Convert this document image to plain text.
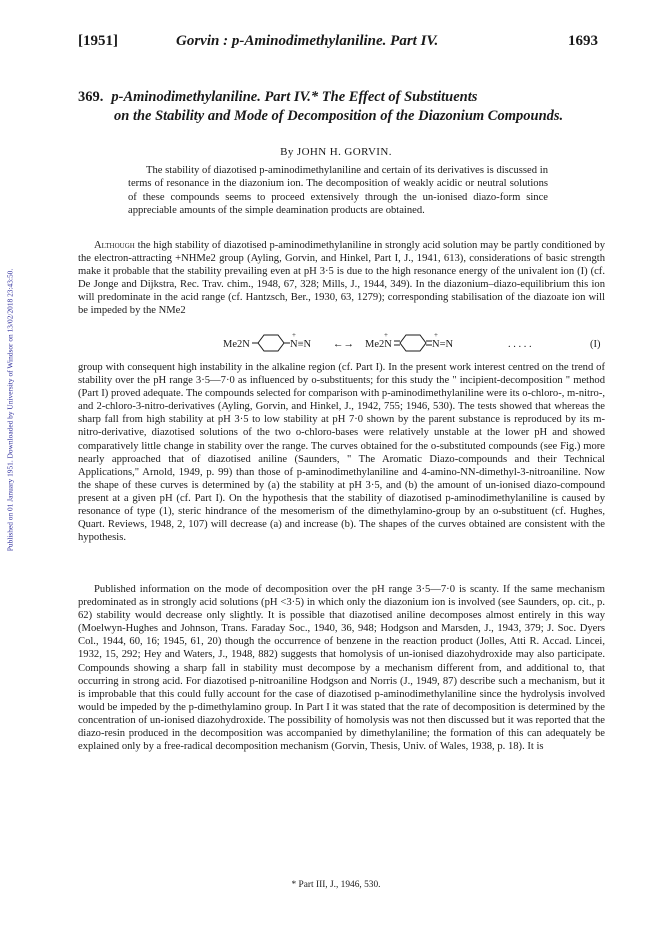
Published on 01 January 1951. Downloaded by University of Windsor on 13/02/2018 23:43:50.
[1951]	Gorvin : p-Aminodimethylaniline. Part IV.	1693
369. p-Aminodimethylaniline. Part IV.* The Effect of Substituents
on the Stability and Mode of Decomposition of the Diazonium Compounds.
By JOHN H. GORVIN.
The stability of diazotised p-aminodimethylaniline and certain of its derivatives is discussed in terms of resonance in the diazonium ion. The decomposition of weakly acidic or neutral solutions of these compounds seems to proceed extensively through the un-ionised diazo-form since appreciable amounts of the simple deamination products are obtained.
Although the high stability of diazotised p-aminodimethylaniline in strongly acid solution may be partly conditioned by the electron-attracting +NHMe2 group (Ayling, Gorvin, and Hinkel, Part I, J., 1941, 613), considerations of basic strength make it probable that the stability prevailing even at pH 3·5 is due to the high resonance energy of the univalent ion (I) (cf. De Jonge and Dijkstra, Rec. Trav. chim., 1948, 67, 328; Mills, J., 1944, 349). In the diazonium–diazo-equilibrium this ion will predominate in the acid range (cf. Hantzsch, Ber., 1930, 63, 1279); corresponding stabilisation of the diazoate ion will be impeded by the NMe2
Me2N
+
N≡N ←→ Me2N
+	+
N=N	. . . . .	(I)
group with consequent high instability in the alkaline region (cf. Part I). In the present work interest centred on the trend of stability over the pH range 3·5—7·0 as influenced by o-substituents; for this study the " incipient-decomposition " method (Part I) proved adequate. The compounds selected for comparison with p-aminodimethylaniline were its o-chloro-, m-nitro-, and 2-chloro-3-nitro-derivatives (Ayling, Gorvin, and Hinkel, J., 1942, 755; 1946, 530). The tests showed that whereas the sharp fall from high stability at pH 3·5 to low stability at pH 7·0 shown by the parent substance is reproduced by its m-nitro-derivative, diazotised solutions of the two o-chloro-bases were relatively unstable at the lower pH and showed comparatively little change in stability over the range. The curves obtained for the o-substituted compounds (see Fig.) more nearly approached that of diazotised aniline (Saunders, " The Aromatic Diazo-compounds and their Technical Applications," Arnold, 1949, p. 99) than those of p-aminodimethylaniline and 4-amino-NN-dimethyl-3-nitroaniline. Now the shape of these curves is determined by (a) the stability at pH 3·5, and (b) the amount of un-ionised diazo-compound present at a given pH (cf. Part I). On the hypothesis that the stability of diazotised p-aminodimethylaniline is caused by resonance of type (1), steric hindrance of the mesomerism of the dimethylamino-group by an o-substituent (cf. Hughes, Quart. Reviews, 1948, 2, 107) will decrease (a) and increase (b). The shapes of the curves obtained are consistent with the hypothesis.
Published information on the mode of decomposition over the pH range 3·5—7·0 is scanty. If the same mechanism predominated as in strongly acid solutions (pH <3·5) in which only the diazonium ion is involved (see Saunders, op. cit., p. 62) stability would decrease only slightly. It is possible that diazotised aniline decomposes almost entirely in this way (Moelwyn-Hughes and Johnson, Trans. Faraday Soc., 1940, 36, 948; Hodgson and Marsden, J., 1943, 379; J. Soc. Dyers Col., 1944, 60, 16; 1945, 61, 20) though the occurrence of benzene in the reaction product (Jolles, Atti R. Accad. Lincei, 1932, 15, 292; Hey and Waters, J., 1948, 882) suggests that homolysis of un-ionised diazohydroxide may also participate. Compounds showing a sharp fall in stability must decompose by a mechanism different from, and additional to, that occurring in strong acid. For diazotised p-nitroaniline Hodgson and Norris (J., 1949, 87) describe such a mechanism, but it is improbable that this could fully account for the case of diazotised p-aminodimethylaniline since the hydrolysis involved would be impeded by the p-dimethylamino group. In Part I it was stated that the rate of decomposition is determined by the concentration of un-ionised diazohydroxide. The possibility of homolysis was not then discussed but it was reported that the diazo-resin produced in the decomposition was accompanied by dimethylaniline; the formation of this can adequately be explained only by a free-radical decomposition mechanism (Gorvin, Thesis, Univ. of Wales, 1938, p. 18). It is
* Part III, J., 1946, 530.
